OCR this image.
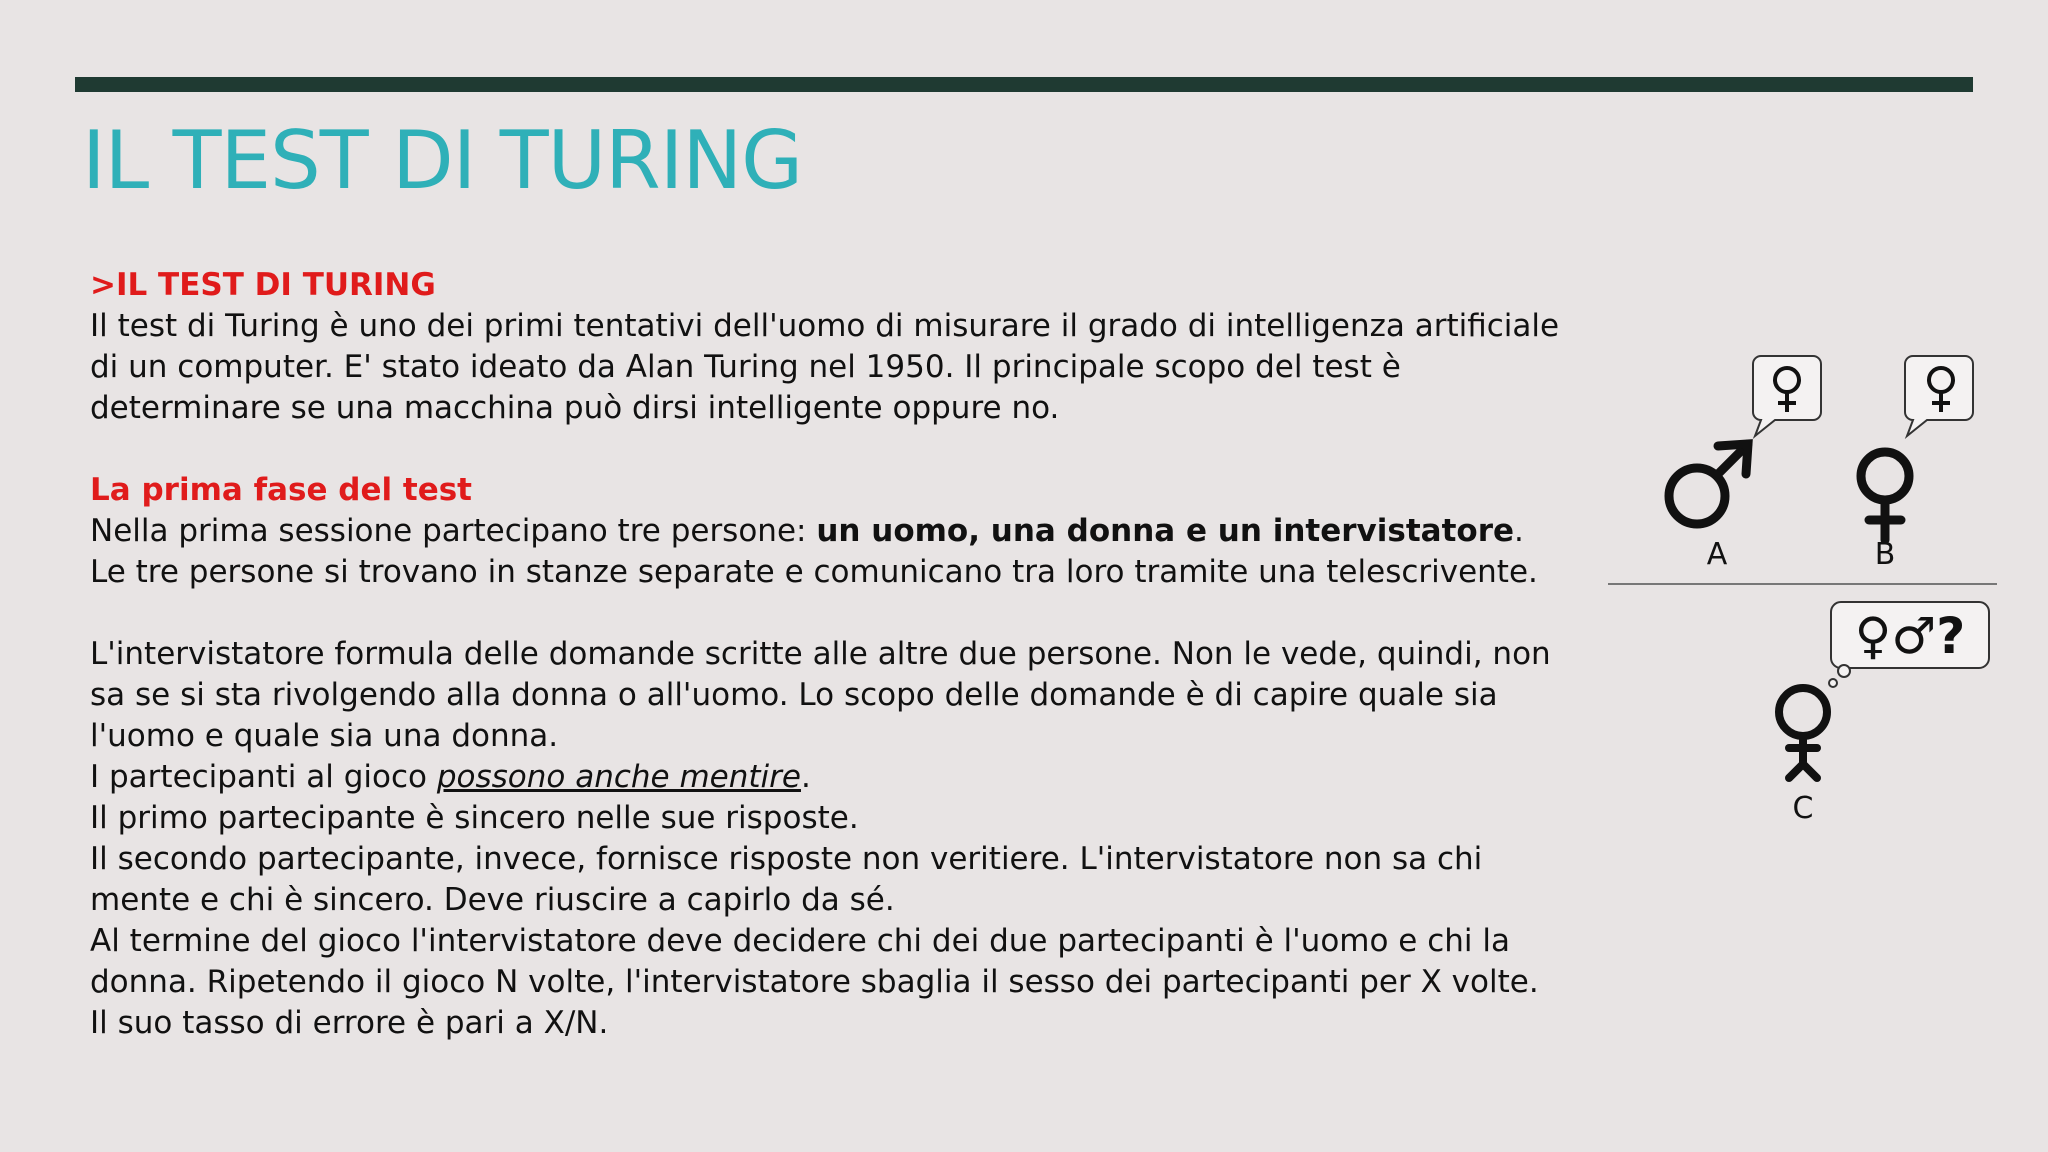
IL TEST DI TURING

>IL TEST DI TURING

Il test di Turing è uno dei primi tentativi dell'uomo di misurare il grado di intelligenza artificiale di un computer. E' stato ideato da Alan Turing nel 1950. Il principale scopo del test è determinare se una macchina può dirsi intelligente oppure no.

La prima fase del test

Nella prima sessione partecipano tre persone: un uomo, una donna e un intervistatore. Le tre persone si trovano in stanze separate e comunicano tra loro tramite una telescrivente.

L'intervistatore formula delle domande scritte alle altre due persone. Non le vede, quindi, non sa se si sta rivolgendo alla donna o all'uomo. Lo scopo delle domande è di capire quale sia l'uomo e quale sia una donna.

I partecipanti al gioco possono anche mentire.

Il primo partecipante è sincero nelle sue risposte.

Il secondo partecipante, invece, fornisce risposte non veritiere. L'intervistatore non sa chi mente e chi è sincero. Deve riuscire a capirlo da sé.

Al termine del gioco l'intervistatore deve decidere chi dei due partecipanti è l'uomo e chi la donna. Ripetendo il gioco N volte, l'intervistatore sbaglia il sesso dei partecipanti per X volte. Il suo tasso di errore è pari a X/N.

A	B
♀♂?
C
